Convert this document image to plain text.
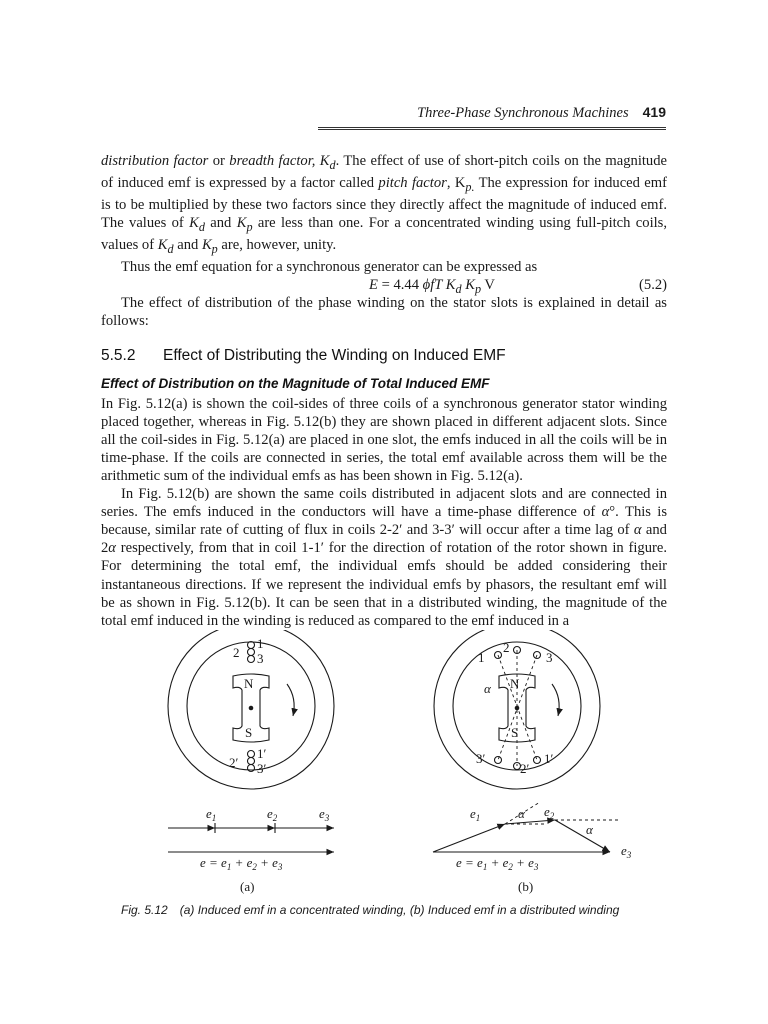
Three-Phase Synchronous Machines 419

distribution factor or breadth factor, $K_d$. The effect of use of short-pitch coils on the magnitude of induced emf is expressed by a factor called pitch factor, $K_{p.}$ The expression for induced emf is to be multiplied by these two factors since they directly affect the magnitude of induced emf. The values of $K_d$ and $K_p$ are less than one. For a concentrated winding using full-pitch coils, values of $K_d$ and $K_p$ are, however, unity.

Thus the emf equation for a synchronous generator can be expressed as

E = 4.44 ϕfT $K_d$ $K_p$ V	(5.2)

The effect of distribution of the phase winding on the stator slots is explained in detail as follows:

5.5.2 Effect of Distributing the Winding on Induced EMF
Effect of Distribution on the Magnitude of Total Induced EMF

In Fig. 5.12(a) is shown the coil-sides of three coils of a synchronous generator stator winding placed together, whereas in Fig. 5.12(b) they are shown placed in different adjacent slots. Since all the coil-sides in Fig. 5.12(a) are placed in one slot, the emfs induced in all the coils will be in time-phase. If the coils are connected in series, the total emf available across them will be the arithmetic sum of the individual emfs as has been shown in Fig. 5.12(a).

In Fig. 5.12(b) are shown the same coils distributed in adjacent slots and are connected in series. The emfs induced in the conductors will have a time-phase difference of α°. This is because, similar rate of cutting of flux in coils 2-2′ and 3-3′ will occur after a time lag of α and 2α respectively, from that in coil 1-1′ for the direction of rotation of the rotor shown in figure. For determining the total emf, the individual emfs should be added considering their instantaneous directions. If we represent the individual emfs by phasors, the resultant emf will be as shown in Fig. 5.12(b). It can be seen that in a distributed winding, the magnitude of the total emf induced in the winding is reduced as compared to the emf induced in a

2
1
3
N
S
2′
1′
3′
1
2
3
N
S
α
3′
2′
1′
$e_1$	$e_2$	$e_3$
$e = e_1 + e_2 + e_3$
(a)
$e_1$	α $e_2$
α
$e_3$
$e = e_1 + e_2 + e_3$
(b)
Fig. 5.12 (a) Induced emf in a concentrated winding, (b) Induced emf in a distributed winding
